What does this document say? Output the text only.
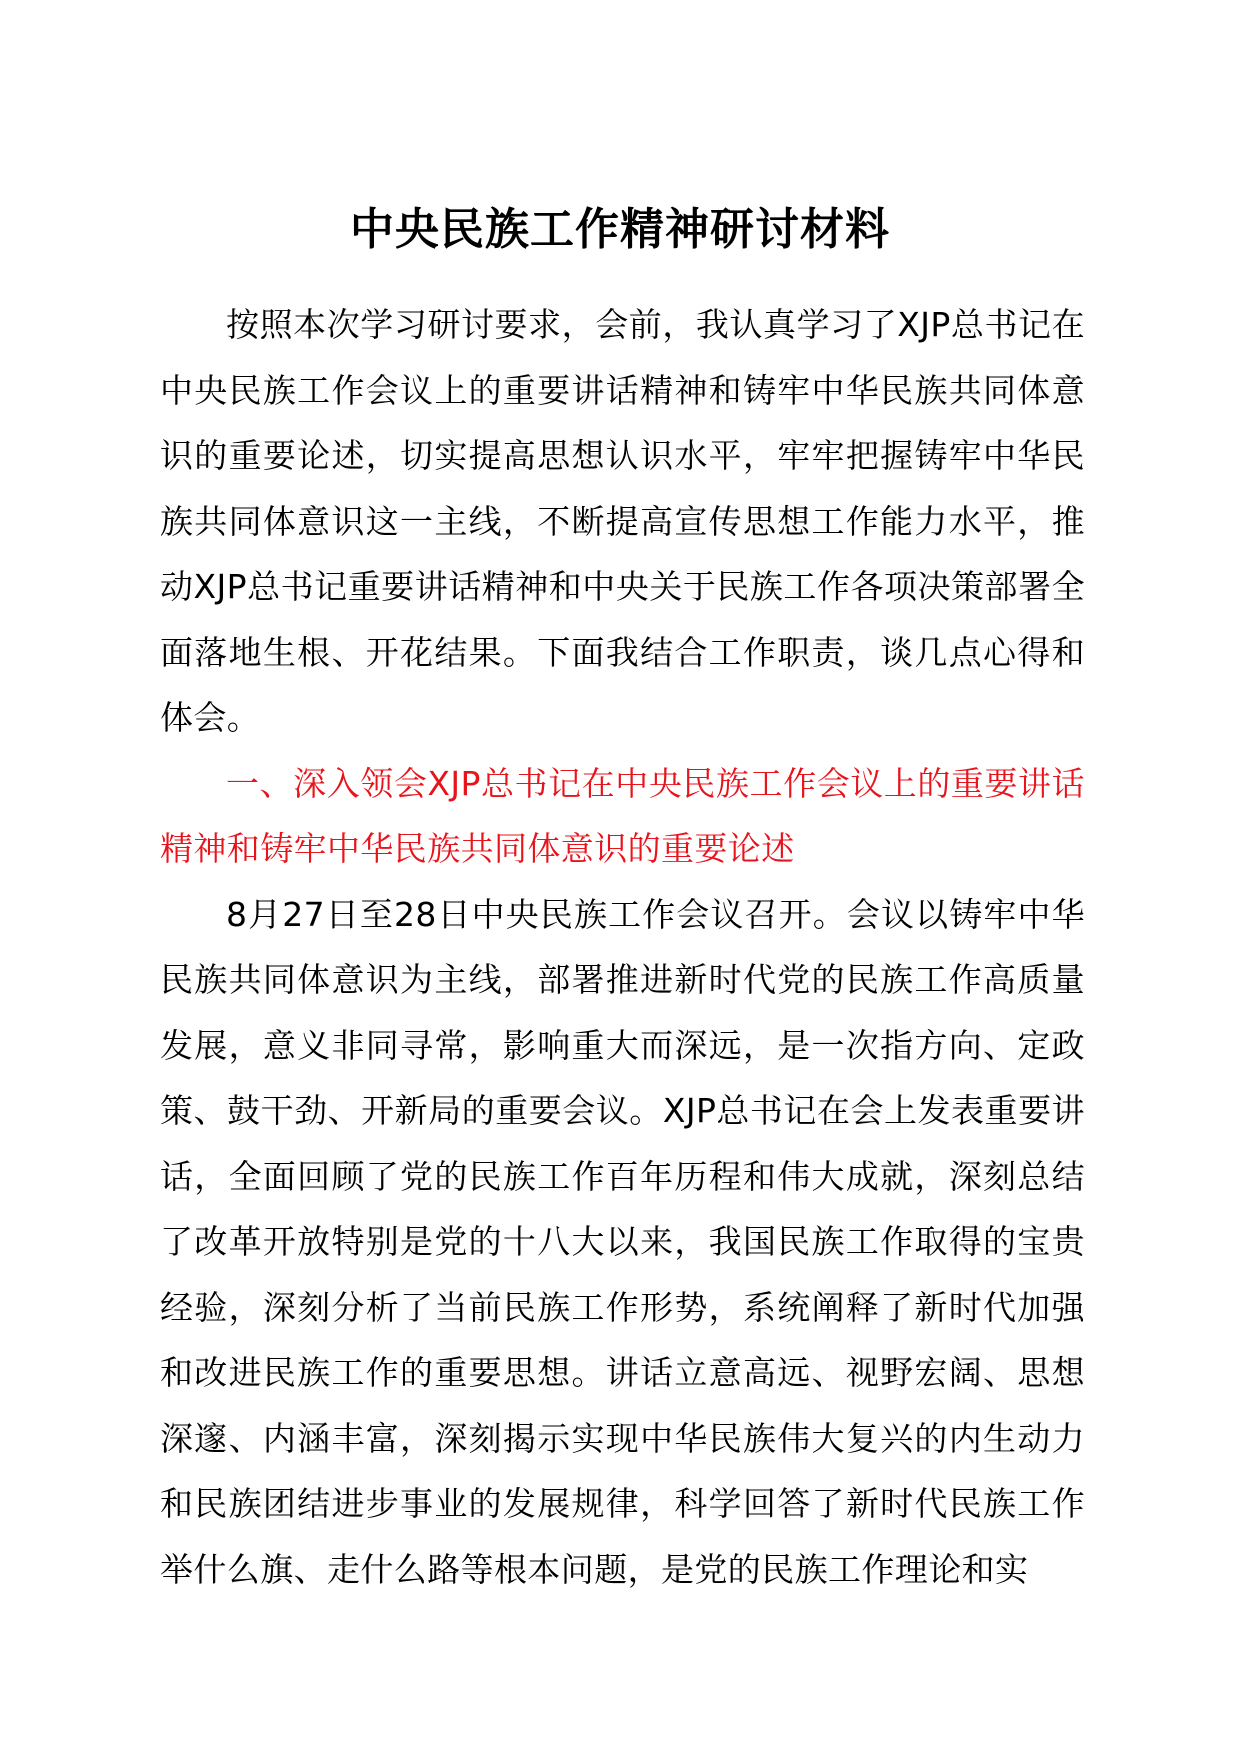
中央民族工作精神研讨材料

按照本次学习研讨要求，会前，我认真学习了XJP总书记在中央民族工作会议上的重要讲话精神和铸牢中华民族共同体意识的重要论述，切实提高思想认识水平，牢牢把握铸牢中华民族共同体意识这一主线，不断提高宣传思想工作能力水平，推动XJP总书记重要讲话精神和中央关于民族工作各项决策部署全面落地生根、开花结果。下面我结合工作职责，谈几点心得和体会。

一、深入领会XJP总书记在中央民族工作会议上的重要讲话精神和铸牢中华民族共同体意识的重要论述

8月27日至28日中央民族工作会议召开。会议以铸牢中华民族共同体意识为主线，部署推进新时代党的民族工作高质量发展，意义非同寻常，影响重大而深远，是一次指方向、定政策、鼓干劲、开新局的重要会议。XJP总书记在会上发表重要讲话，全面回顾了党的民族工作百年历程和伟大成就，深刻总结了改革开放特别是党的十八大以来，我国民族工作取得的宝贵经验，深刻分析了当前民族工作形势，系统阐释了新时代加强和改进民族工作的重要思想。讲话立意高远、视野宏阔、思想深邃、内涵丰富，深刻揭示实现中华民族伟大复兴的内生动力和民族团结进步事业的发展规律，科学回答了新时代民族工作举什么旗、走什么路等根本问题，是党的民族工作理论和实
